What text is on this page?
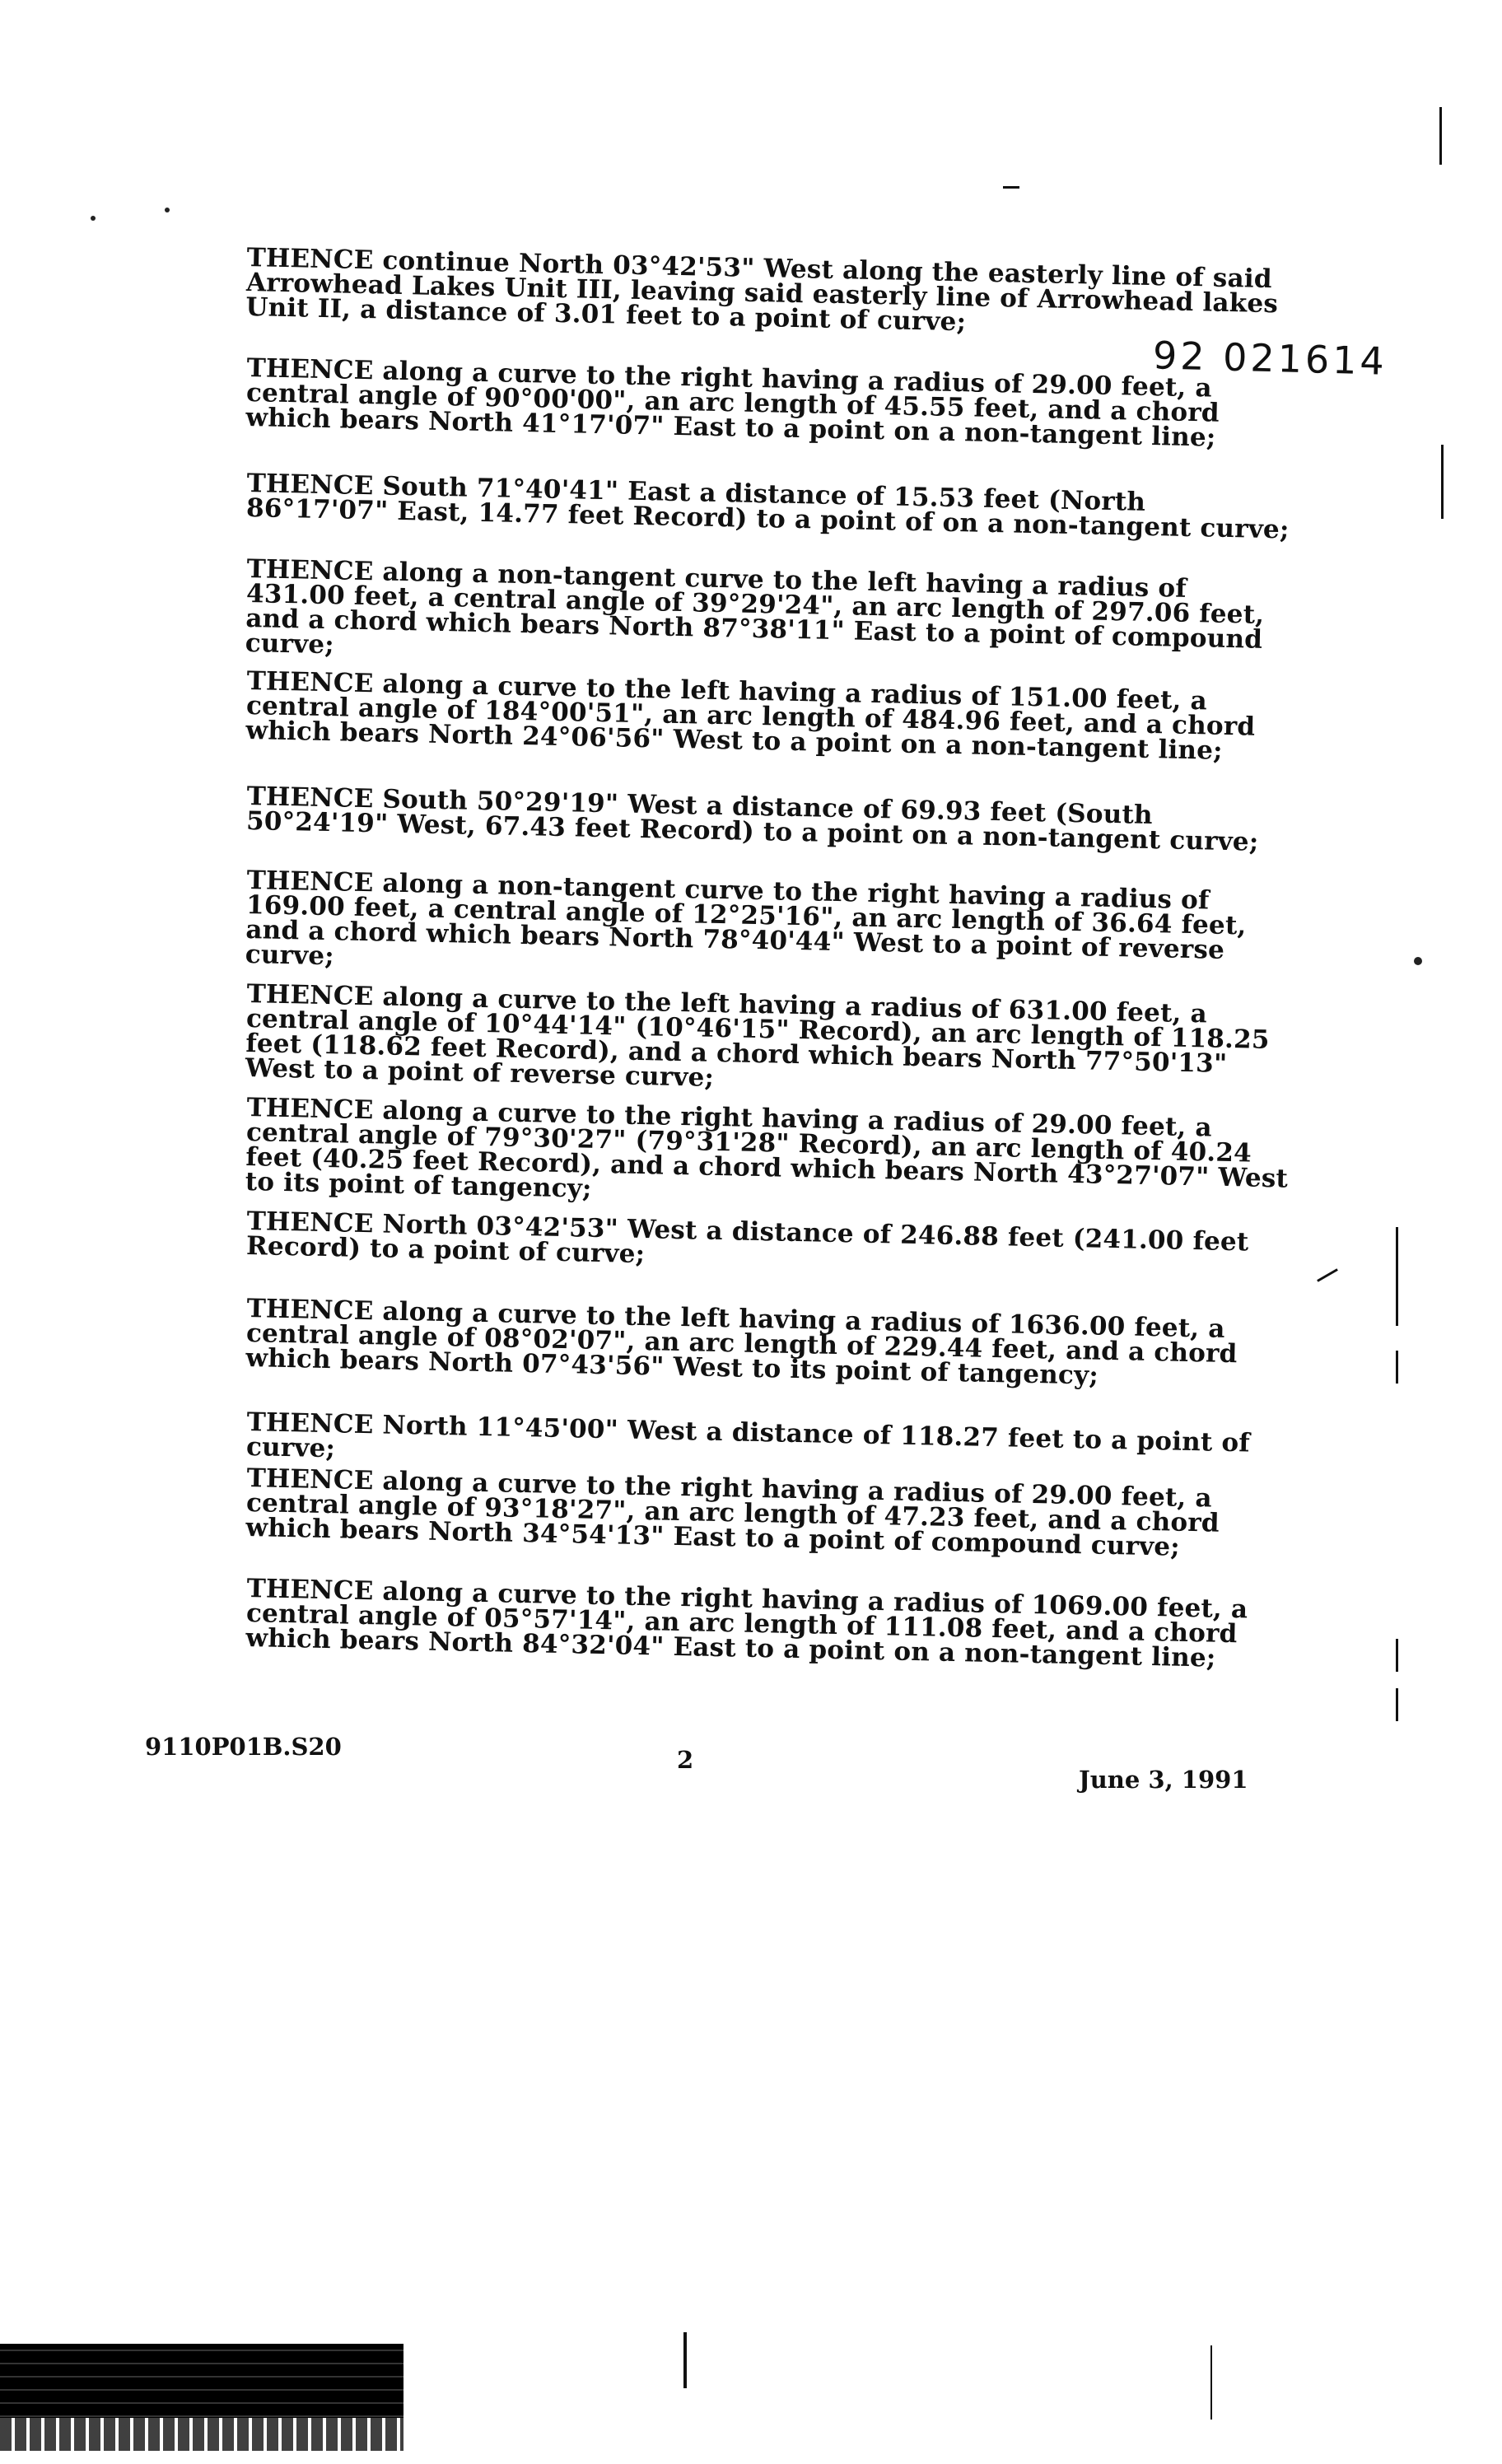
92 021614

THENCE continue North 03°42'53" West along the easterly line of said Arrowhead Lakes Unit III, leaving said easterly line of Arrowhead lakes Unit II, a distance of 3.01 feet to a point of curve;

THENCE along a curve to the right having a radius of 29.00 feet, a central angle of 90°00'00", an arc length of 45.55 feet, and a chord which bears North 41°17'07" East to a point on a non-tangent line;

THENCE South 71°40'41" East a distance of 15.53 feet (North 86°17'07" East, 14.77 feet Record) to a point of on a non-tangent curve;

THENCE along a non-tangent curve to the left having a radius of 431.00 feet, a central angle of 39°29'24", an arc length of 297.06 feet, and a chord which bears North 87°38'11" East to a point of compound curve;

THENCE along a curve to the left having a radius of 151.00 feet, a central angle of 184°00'51", an arc length of 484.96 feet, and a chord which bears North 24°06'56" West to a point on a non-tangent line;

THENCE South 50°29'19" West a distance of 69.93 feet (South 50°24'19" West, 67.43 feet Record) to a point on a non-tangent curve;

THENCE along a non-tangent curve to the right having a radius of 169.00 feet, a central angle of 12°25'16", an arc length of 36.64 feet, and a chord which bears North 78°40'44" West to a point of reverse curve;

THENCE along a curve to the left having a radius of 631.00 feet, a central angle of 10°44'14" (10°46'15" Record), an arc length of 118.25 feet (118.62 feet Record), and a chord which bears North 77°50'13" West to a point of reverse curve;

THENCE along a curve to the right having a radius of 29.00 feet, a central angle of 79°30'27" (79°31'28" Record), an arc length of 40.24 feet (40.25 feet Record), and a chord which bears North 43°27'07" West to its point of tangency;

THENCE North 03°42'53" West a distance of 246.88 feet (241.00 feet Record) to a point of curve;

THENCE along a curve to the left having a radius of 1636.00 feet, a central angle of 08°02'07", an arc length of 229.44 feet, and a chord which bears North 07°43'56" West to its point of tangency;

THENCE North 11°45'00" West a distance of 118.27 feet to a point of curve;

THENCE along a curve to the right having a radius of 29.00 feet, a central angle of 93°18'27", an arc length of 47.23 feet, and a chord which bears North 34°54'13" East to a point of compound curve;

THENCE along a curve to the right having a radius of 1069.00 feet, a central angle of 05°57'14", an arc length of 111.08 feet, and a chord which bears North 84°32'04" East to a point on a non-tangent line;

9110P01B.S20	2
June 3, 1991
